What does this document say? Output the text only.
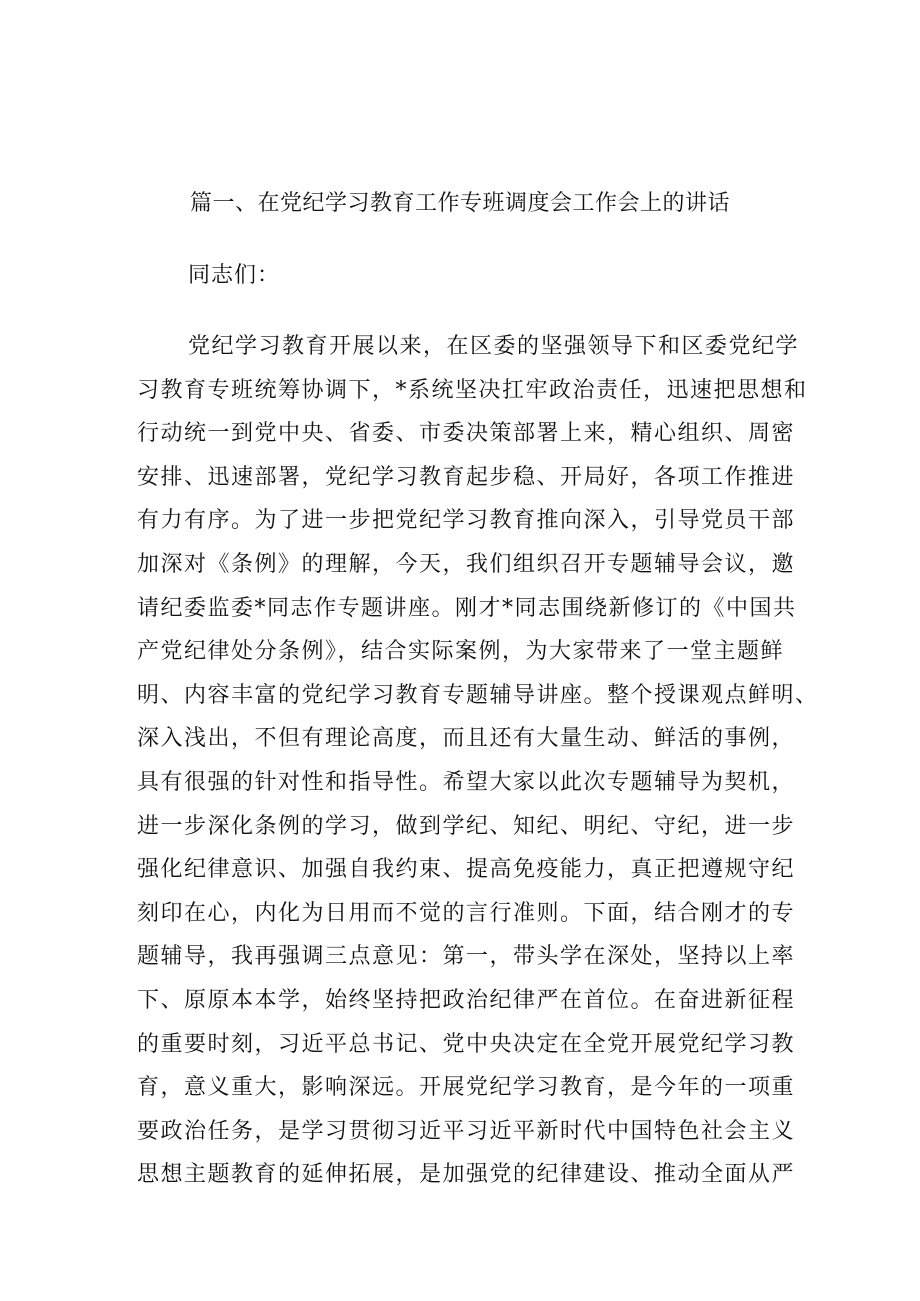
篇一、在党纪学习教育工作专班调度会工作会上的讲话
同志们：
党纪学习教育开展以来，在区委的坚强领导下和区委党纪学
习教育专班统筹协调下，*系统坚决扛牢政治责任，迅速把思想和
行动统一到党中央、省委、市委决策部署上来，精心组织、周密
安排、迅速部署，党纪学习教育起步稳、开局好，各项工作推进
有力有序。为了进一步把党纪学习教育推向深入，引导党员干部
加深对《条例》的理解，今天，我们组织召开专题辅导会议，邀
请纪委监委*同志作专题讲座。刚才*同志围绕新修订的《中国共
产党纪律处分条例》，结合实际案例，为大家带来了一堂主题鲜
明、内容丰富的党纪学习教育专题辅导讲座。整个授课观点鲜明、
深入浅出，不但有理论高度，而且还有大量生动、鲜活的事例，
具有很强的针对性和指导性。希望大家以此次专题辅导为契机，
进一步深化条例的学习，做到学纪、知纪、明纪、守纪，进一步
强化纪律意识、加强自我约束、提高免疫能力，真正把遵规守纪
刻印在心，内化为日用而不觉的言行准则。下面，结合刚才的专
题辅导，我再强调三点意见：第一，带头学在深处，坚持以上率
下、原原本本学，始终坚持把政治纪律严在首位。在奋进新征程
的重要时刻，习近平总书记、党中央决定在全党开展党纪学习教
育，意义重大，影响深远。开展党纪学习教育，是今年的一项重
要政治任务，是学习贯彻习近平习近平新时代中国特色社会主义
思想主题教育的延伸拓展，是加强党的纪律建设、推动全面从严
